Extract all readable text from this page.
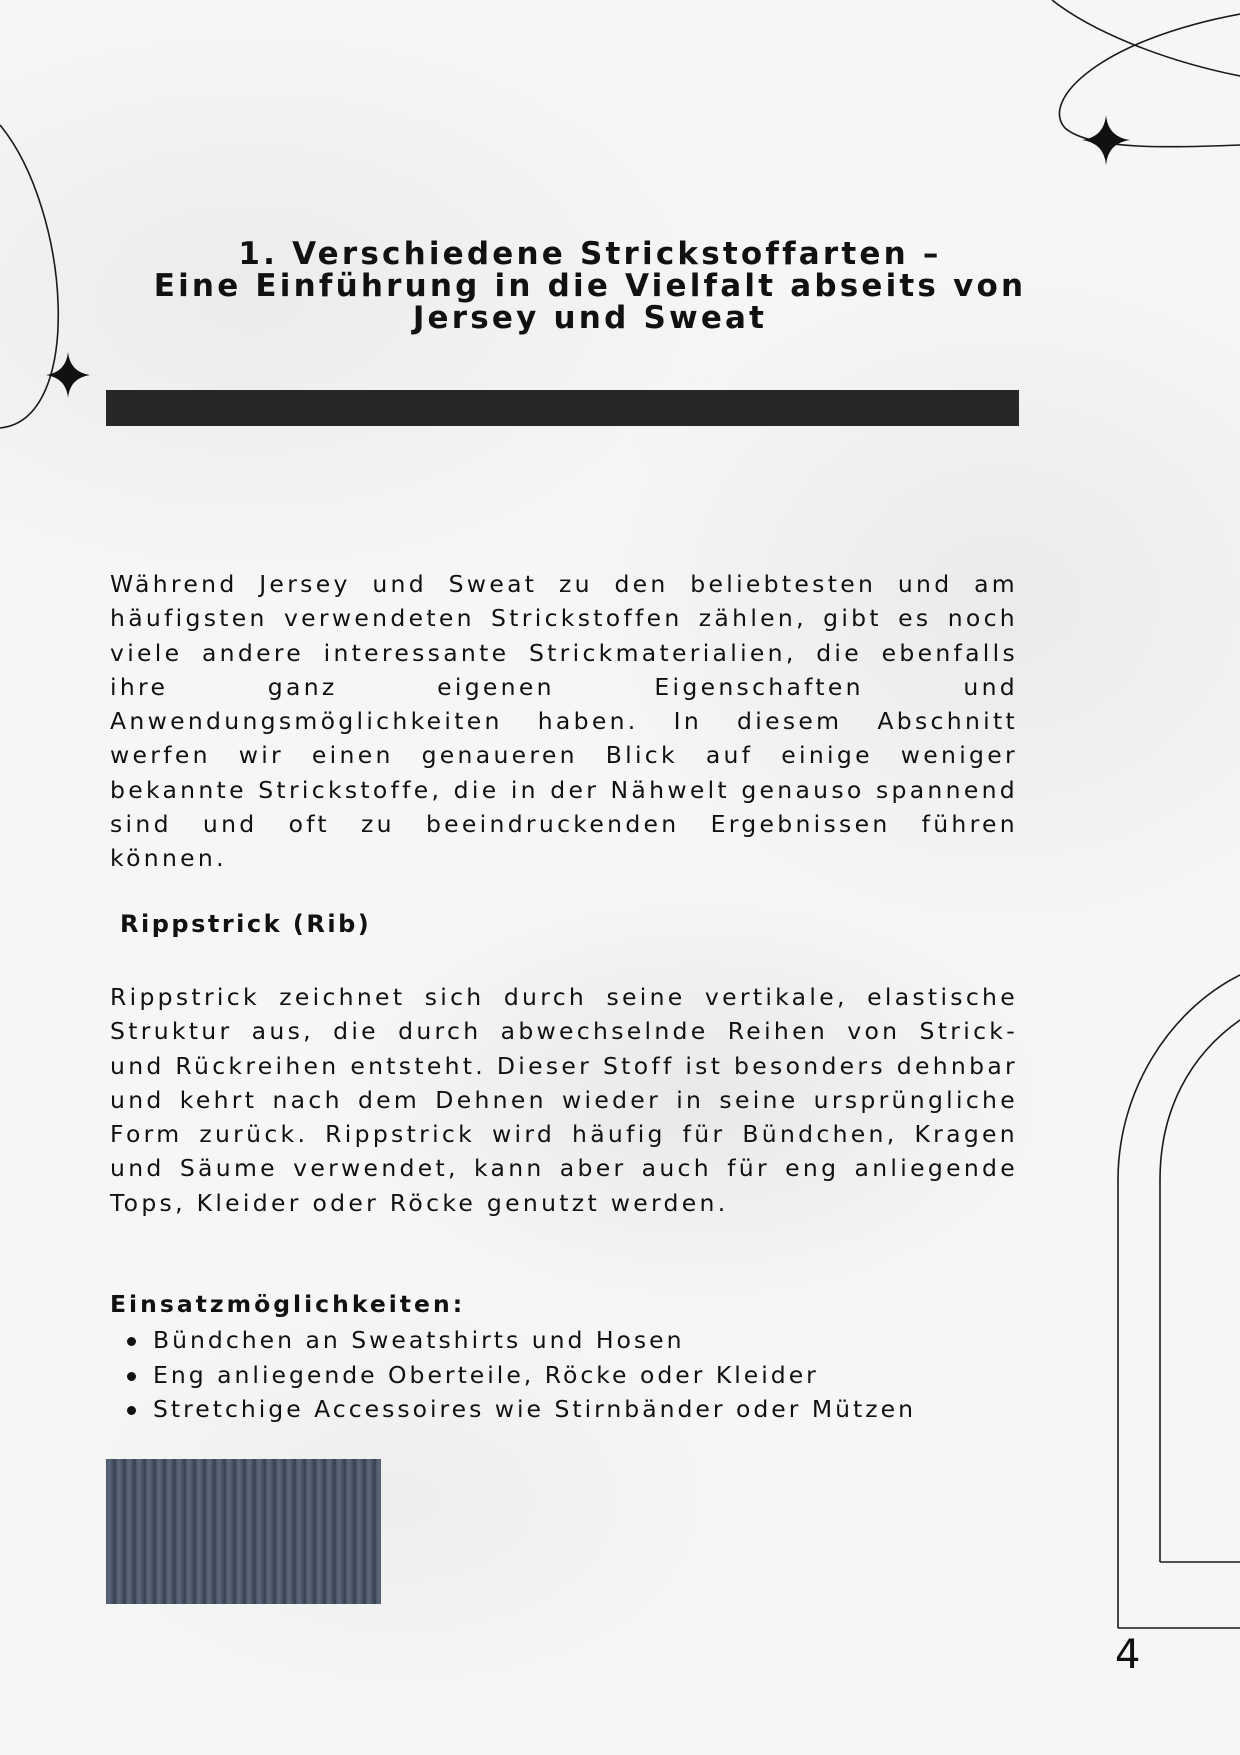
1. Verschiedene Strickstoffarten –
Eine Einführung in die Vielfalt abseits von
Jersey und Sweat

Während Jersey und Sweat zu den beliebtesten und am häufigsten verwendeten Strickstoffen zählen, gibt es noch viele andere interessante Strickmaterialien, die ebenfalls ihre ganz eigenen Eigenschaften und Anwendungsmöglichkeiten haben. In diesem Abschnitt werfen wir einen genaueren Blick auf einige weniger bekannte Strickstoffe, die in der Nähwelt genauso spannend sind und oft zu beeindruckenden Ergebnissen führen können.

Rippstrick (Rib)

Rippstrick zeichnet sich durch seine vertikale, elastische Struktur aus, die durch abwechselnde Reihen von Strick- und Rückreihen entsteht. Dieser Stoff ist besonders dehnbar und kehrt nach dem Dehnen wieder in seine ursprüngliche Form zurück. Rippstrick wird häufig für Bündchen, Kragen und Säume verwendet, kann aber auch für eng anliegende Tops, Kleider oder Röcke genutzt werden.

Einsatzmöglichkeiten:
Bündchen an Sweatshirts und Hosen
Eng anliegende Oberteile, Röcke oder Kleider
Stretchige Accessoires wie Stirnbänder oder Mützen

4
